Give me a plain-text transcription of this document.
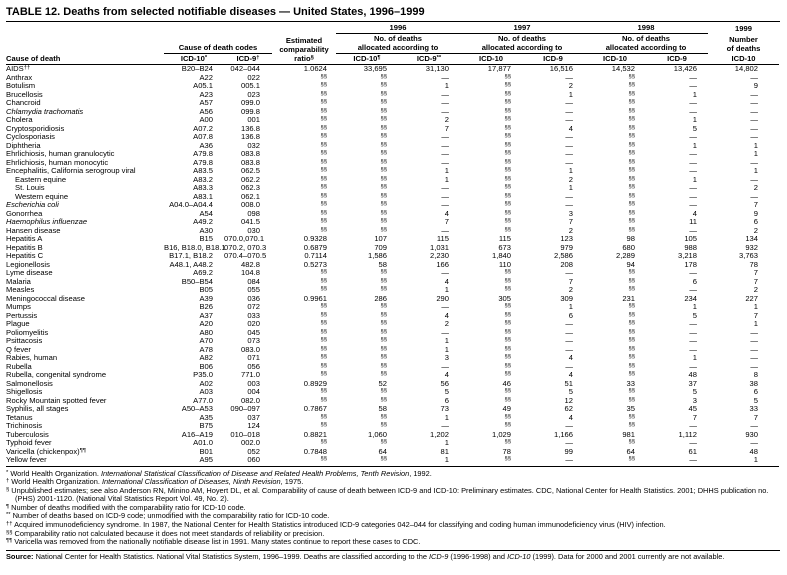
TABLE 12. Deaths from selected notifiable diseases — United States, 1996–1999
				1996		1997		1998		1999
	Cause of death codes		Estimated
comparability
ratio§	No. of deaths
allocated according to		No. of deaths
allocated according to		No. of deaths
allocated according to		Number
of deaths
Cause of death	ICD-10*	ICD-9†		ICD-10¶	ICD-9**	ICD-10	ICD-9	ICD-10	ICD-9	ICD-10
AIDS††	B20–B24	042–044	1.0624	33,695	31,130	17,877	16,516	14,532	13,426	14,802
Anthrax	A22	022	§§	§§	—	§§	—	§§	—	—
Botulism	A05.1	005.1	§§	§§	1	§§	2	§§	—	9
Brucellosis	A23	023	§§	§§	—	§§	1	§§	1	—
Chancroid	A57	099.0	§§	§§	—	§§	—	§§	—	—
Chlamydia trachomatis	A56	099.8	§§	§§	—	§§	—	§§	—	—
Cholera	A00	001	§§	§§	2	§§	—	§§	1	—
Cryptosporidiosis	A07.2	136.8	§§	§§	7	§§	4	§§	5	—
Cyclosporiasis	A07.8	136.8	§§	§§	—	§§	—	§§	—	—
Diphtheria	A36	032	§§	§§	—	§§	—	§§	1	1
Ehrlichiosis, human granulocytic	A79.8	083.8	§§	§§	—	§§	—	§§	—	1
Ehrlichiosis, human monocytic	A79.8	083.8	§§	§§	—	§§	—	§§	—	—
Encephalitis, California serogroup viral	A83.5	062.5	§§	§§	1	§§	1	§§	—	1
Eastern equine	A83.2	062.2	§§	§§	1	§§	2	§§	1	—
St. Louis	A83.3	062.3	§§	§§	—	§§	1	§§	—	2
Western equine	A83.1	062.1	§§	§§	—	§§	—	§§	—	—
Escherichia coli	A04.0–A04.4	008.0	§§	§§	—	§§	—	§§	—	7
Gonorrhea	A54	098	§§	§§	4	§§	3	§§	4	9
Haemophilus influenzae	A49.2	041.5	§§	§§	7	§§	7	§§	11	6
Hansen disease	A30	030	§§	§§	—	§§	2	§§	—	2
Hepatitis A	B15	070.0,070.1	0.9328	107	115	115	123	98	105	134
Hepatitis B	B16, B18.0, B18.1	070.2, 070.3	0.6879	709	1,031	673	979	680	988	932
Hepatitis C	B17.1, B18.2	070.4–070.5	0.7114	1,586	2,230	1,840	2,586	2,289	3,218	3,763
Legionellosis	A48.1, A48.2	482.8	0.5273	58	166	110	208	94	178	78
Lyme disease	A69.2	104.8	§§	§§	—	§§	—	§§	—	7
Malaria	B50–B54	084	§§	§§	4	§§	7	§§	6	7
Measles	B05	055	§§	§§	1	§§	2	§§	—	2
Meningococcal disease	A39	036	0.9961	286	290	305	309	231	234	227
Mumps	B26	072	§§	§§	—	§§	1	§§	1	1
Pertussis	A37	033	§§	§§	4	§§	6	§§	5	7
Plague	A20	020	§§	§§	2	§§	—	§§	—	1
Poliomyelitis	A80	045	§§	§§	—	§§	—	§§	—	—
Psittacosis	A70	073	§§	§§	1	§§	—	§§	—	—
Q fever	A78	083.0	§§	§§	1	§§	—	§§	—	—
Rabies, human	A82	071	§§	§§	3	§§	4	§§	1	—
Rubella	B06	056	§§	§§	—	§§	—	§§	—	—
Rubella, congenital syndrome	P35.0	771.0	§§	§§	4	§§	4	§§	48	8
Salmonellosis	A02	003	0.8929	52	56	46	51	33	37	38
Shigellosis	A03	004	§§	§§	5	§§	5	§§	5	6
Rocky Mountain spotted fever	A77.0	082.0	§§	§§	6	§§	12	§§	3	5
Syphilis, all stages	A50–A53	090–097	0.7867	58	73	49	62	35	45	33
Tetanus	A35	037	§§	§§	1	§§	4	§§	7	7
Trichinosis	B75	124	§§	§§	—	§§	—	§§	—	—
Tuberculosis	A16–A19	010–018	0.8821	1,060	1,202	1,029	1,166	981	1,112	930
Typhoid fever	A01.0	002.0	§§	§§	1	§§	—	§§	—	—
Varicella (chickenpox)¶¶	B01	052	0.7848	64	81	78	99	64	61	48
Yellow fever	A95	060	§§	§§	1	§§	—	§§	—	1
* World Health Organization. International Statistical Classification of Disease and Related Health Problems, Tenth Revision, 1992.
† World Health Organization. International Classification of Diseases, Ninth Revision, 1975.
§ Unpublished estimates; see also Anderson RN, Minino AM, Hoyert DL, et al. Comparability of cause of death between ICD-9 and ICD-10: Preliminary estimates. CDC, National Center for Health Statistics. 2001; DHHS publication no. (PHS) 2001-1120. (National Vital Statistics Report Vol. 49, No. 2).
¶ Number of deaths modified with the comparability ratio for ICD-10 code.
** Number of deaths based on ICD-9 code; unmodified with the comparability ratio for ICD-10 code.
†† Acquired immunodeficiency syndrome. In 1987, the National Center for Health Statistics introduced ICD-9 categories 042–044 for classifying and coding human immunodeficiency virus (HIV) infection.
§§ Comparability ratio not calculated because it does not meet standards of reliability or precision.
¶¶ Varicella was removed from the nationally notifiable disease list in 1991. Many states continue to report these cases to CDC.
Source: National Center for Health Statistics. National Vital Statistics System, 1996–1999. Deaths are classified according to the ICD-9 (1996-1998) and ICD-10 (1999). Data for 2000 and 2001 currently are not available.
